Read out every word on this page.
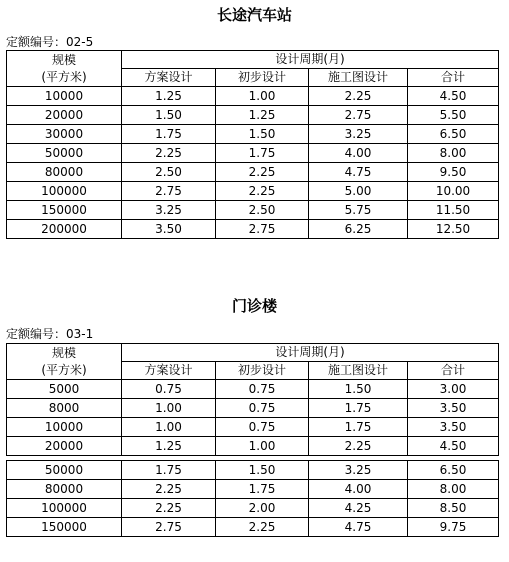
长途汽车站
定额编号：02-5
规模
(平方米)	设计周期(月)			
	方案设计	初步设计	施工图设计	合计
10000	1.25	1.00	2.25	4.50
20000	1.50	1.25	2.75	5.50
30000	1.75	1.50	3.25	6.50
50000	2.25	1.75	4.00	8.00
80000	2.50	2.25	4.75	9.50
100000	2.75	2.25	5.00	10.00
150000	3.25	2.50	5.75	11.50
200000	3.50	2.75	6.25	12.50
门诊楼
定额编号：03-1
规模
(平方米)	设计周期(月)			
	方案设计	初步设计	施工图设计	合计
5000	0.75	0.75	1.50	3.00
8000	1.00	0.75	1.75	3.50
10000	1.00	0.75	1.75	3.50
20000	1.25	1.00	2.25	4.50

50000	1.75	1.50	3.25	6.50
80000	2.25	1.75	4.00	8.00
100000	2.25	2.00	4.25	8.50
150000	2.75	2.25	4.75	9.75
